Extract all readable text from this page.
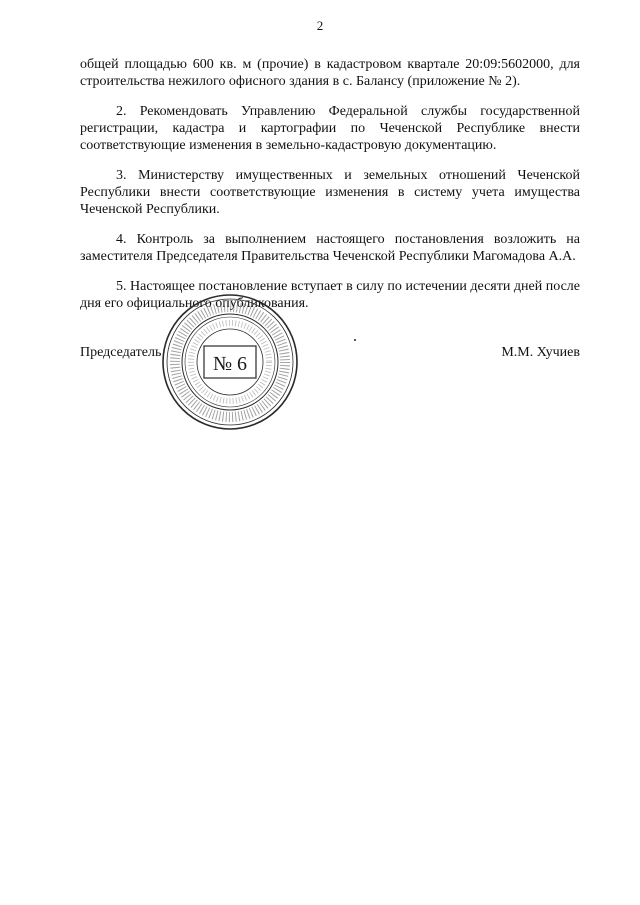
2

общей площадью 600 кв. м (прочие) в кадастровом квартале 20:09:5602000, для строительства нежилого офисного здания в с. Балансу (приложение № 2).

2. Рекомендовать Управлению Федеральной службы государственной регистрации, кадастра и картографии по Чеченской Республике внести соответствующие изменения в земельно-кадастровую документацию.

3. Министерству имущественных и земельных отношений Чеченской Республики внести соответствующие изменения в систему учета имущества Чеченской Республики.

4. Контроль за выполнением настоящего постановления возложить на заместителя Председателя Правительства Чеченской Республики Магомадова А.А.

5. Настоящее постановление вступает в силу по истечении десяти дней после дня его официального опубликования.

Председатель	М.М. Хучиев
№ 6
